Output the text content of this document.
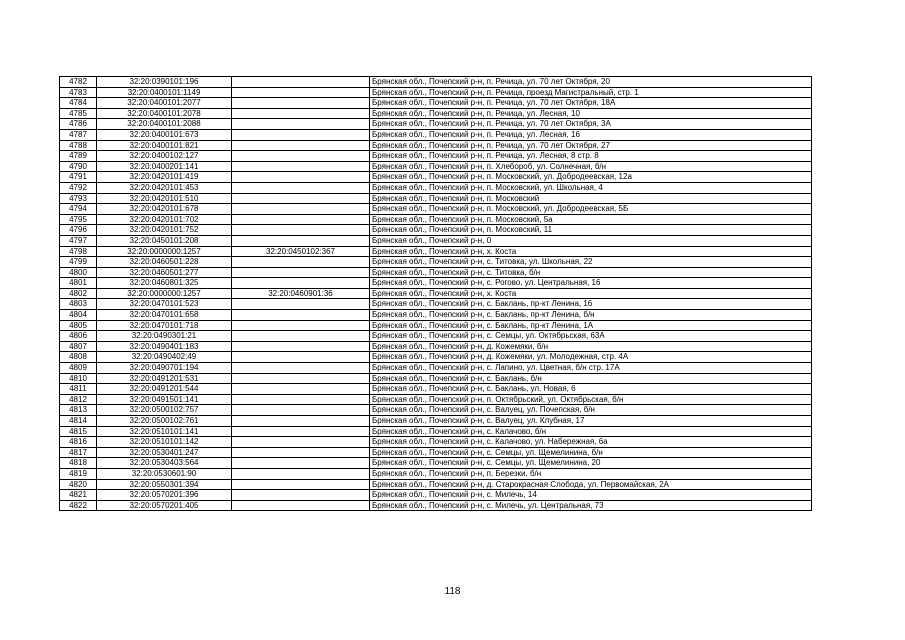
4782	32:20:0390101:196		Брянская обл., Почепский р-н, п. Речица, ул. 70 лет Октября, 20
4783	32:20:0400101:1149		Брянская обл., Почепский р-н, п. Речица, проезд Магистральный, стр. 1
4784	32:20:0400101:2077		Брянская обл., Почепский р-н, п. Речица, ул. 70 лет Октября, 18А
4785	32:20:0400101:2078		Брянская обл., Почепский р-н, п. Речица, ул. Лесная, 10
4786	32:20:0400101:2088		Брянская обл., Почепский р-н, п. Речица, ул. 70 лет Октября, 3А
4787	32:20:0400101:673		Брянская обл., Почепский р-н, п. Речица, ул. Лесная, 16
4788	32:20:0400101:821		Брянская обл., Почепский р-н, п. Речица, ул. 70 лет Октября, 27
4789	32:20:0400102:127		Брянская обл., Почепский р-н, п. Речица, ул. Лесная, 8 стр. 8
4790	32:20:0400201:141		Брянская обл., Почепский р-н, п. Хлебороб, ул. Солнечная, б/н
4791	32:20:0420101:419		Брянская обл., Почепский р-н, п. Московский, ул. Добродеевская, 12а
4792	32:20:0420101:453		Брянская обл., Почепский р-н, п. Московский, ул. Школьная, 4
4793	32:20:0420101:510		Брянская обл., Почепский р-н, п. Московский
4794	32:20:0420101:678		Брянская обл., Почепский р-н, п. Московский, ул. Добродеевская, 5Б
4795	32:20:0420101:702		Брянская обл., Почепский р-н, п. Московский, 5а
4796	32:20:0420101:752		Брянская обл., Почепский р-н, п. Московский, 11
4797	32:20:0450101:208		Брянская обл., Почепский р-н, 0
4798	32:20:0000000:1257	32:20:0450102:367	Брянская обл., Почепский р-н, х. Коста
4799	32:20:0460501:228		Брянская обл., Почепский р-н, с. Титовка, ул. Школьная, 22
4800	32:20:0460501:277		Брянская обл., Почепский р-н, с. Титовка, б/н
4801	32:20:0460801:325		Брянская обл., Почепский р-н, с. Рогово, ул. Центральная, 16
4802	32:20:0000000:1257	32:20:0460901:36	Брянская обл., Почепский р-н, х. Коста
4803	32:20:0470101:523		Брянская обл., Почепский р-н, с. Баклань, пр-кт Ленина, 16
4804	32:20:0470101:658		Брянская обл., Почепский р-н, с. Баклань, пр-кт Ленина, б/н
4805	32:20:0470101:718		Брянская обл., Почепский р-н, с. Баклань, пр-кт Ленина, 1А
4806	32:20:0490301:21		Брянская обл., Почепский р-н, с. Семцы, ул. Октябрьская, 63А
4807	32:20:0490401:183		Брянская обл., Почепский р-н, д. Кожемяки, б/н
4808	32:20:0490402:49		Брянская обл., Почепский р-н, д. Кожемяки, ул. Молодежная, стр. 4А
4809	32:20:0490701:194		Брянская обл., Почепский р-н, с. Лапино, ул. Цветная, б/н стр. 17А
4810	32:20:0491201:531		Брянская обл., Почепский р-н, с. Баклань, б/н
4811	32:20:0491201:544		Брянская обл., Почепский р-н, с. Баклань, ул. Новая, 6
4812	32:20:0491501:141		Брянская обл., Почепский р-н, п. Октябрьский, ул. Октябрьская, б/н
4813	32:20:0500102:757		Брянская обл., Почепский р-н, с. Валуец, ул. Почепская, б/н
4814	32:20:0500102:761		Брянская обл., Почепский р-н, с. Валуец, ул. Клубная, 17
4815	32:20:0510101:141		Брянская обл., Почепский р-н, с. Калачово, б/н
4816	32:20:0510101:142		Брянская обл., Почепский р-н, с. Калачово, ул. Набережная, 6а
4817	32:20:0530401:247		Брянская обл., Почепский р-н, с. Семцы, ул. Щемелинина, б/н
4818	32:20:0530403:564		Брянская обл., Почепский р-н, с. Семцы, ул. Щемелинина, 20
4819	32:20:0530601:90		Брянская обл., Почепский р-н, п. Березки, б/н
4820	32:20:0550301:394		Брянская обл., Почепский р-н, д. Старокрасная Слобода, ул. Первомайская, 2А
4821	32:20:0570201:396		Брянская обл., Почепский р-н, с. Милечь, 14
4822	32:20:0570201:405		Брянская обл., Почепский р-н, с. Милечь, ул. Центральная, 73
118
